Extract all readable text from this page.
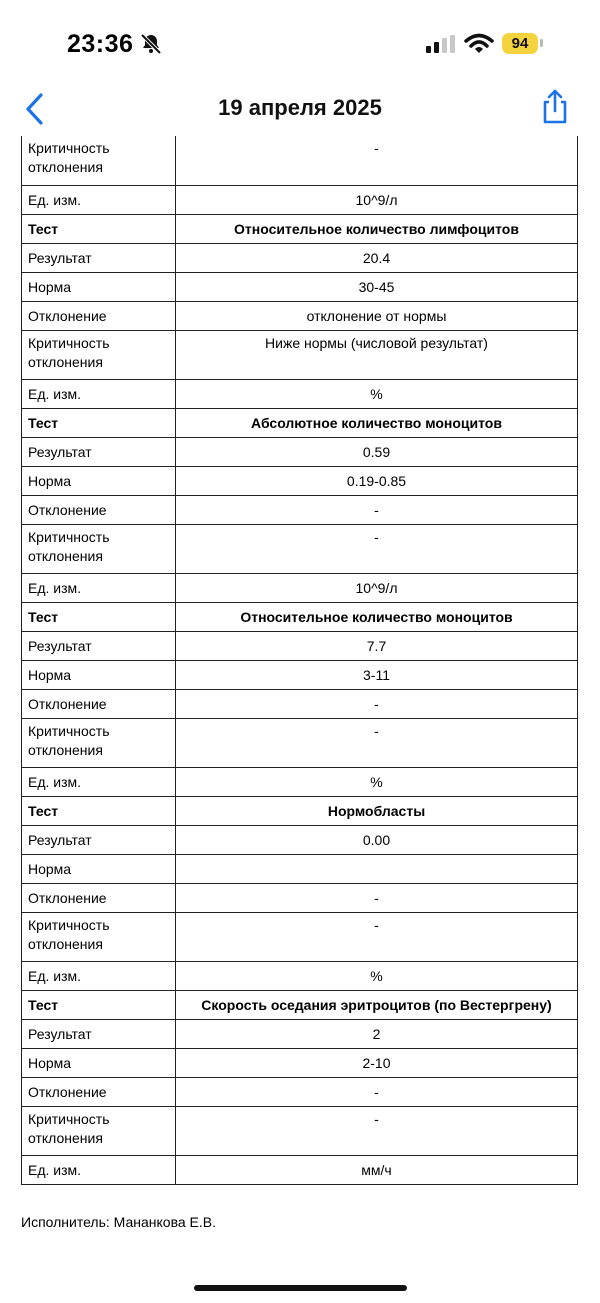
23:36	94
19 апреля 2025
Критичность отклонения	-
Ед. изм.	10^9/л
Тест	Относительное количество лимфоцитов
Результат	20.4
Норма	30-45
Отклонение	отклонение от нормы
Критичность отклонения	Ниже нормы (числовой результат)
Ед. изм.	%
Тест	Абсолютное количество моноцитов
Результат	0.59
Норма	0.19-0.85
Отклонение	-
Критичность отклонения	-
Ед. изм.	10^9/л
Тест	Относительное количество моноцитов
Результат	7.7
Норма	3-11
Отклонение	-
Критичность отклонения	-
Ед. изм.	%
Тест	Нормобласты
Результат	0.00
Норма	
Отклонение	-
Критичность отклонения	-
Ед. изм.	%
Тест	Скорость оседания эритроцитов (по Вестергрену)
Результат	2
Норма	2-10
Отклонение	-
Критичность отклонения	-
Ед. изм.	мм/ч
Исполнитель: Мананкова Е.В.
